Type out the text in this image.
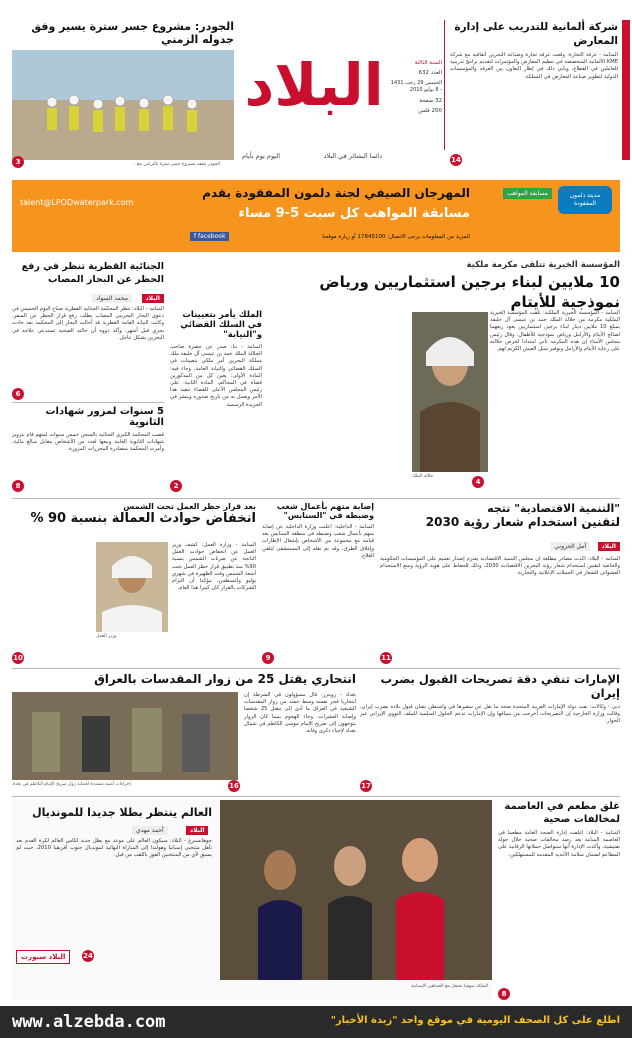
البلاد
دائما البشائر في البلاد
اليوم يوم بأيام
السنة الثالثة
العدد 632
الخميس 29 رجب 1431 - 8 يوليو 2010
32 صفحة
200 فلس
الجودر: مشروع جسر سترة يسير وفق جدوله الزمني
الجودر يتفقد مشروع جسر سترة بالتزامن مع...
3
شركة ألمانية للتدريب على إدارة المعارض
المنامة - غرفة التجارة: وقعت غرفة تجارة وصناعة البحرين اتفاقية مع شركة KME الألمانية المتخصصة في تنظيم المعارض والمؤتمرات لتقديم برامج تدريبية للعاملين في القطاع، ويأتي ذلك في إطار التعاون بين الغرفة والمؤسسات الدولية لتطوير صناعة المعارض في المملكة.
14
المهرجان الصيفي لجنة دلمون المفقودة يقدم
مسابقة المواهب كل سبت 5-9 مساء
مدينة دلمون المفقودة
مسابقة المواهب
talent@LPODwaterpark.com
f facebook	للمزيد من المعلومات يرجى الاتصال: 17845100 أو زيارة موقعنا
المؤسسة الخيرية تتلقى مكرمة ملكية
10 ملايين لبناء برجين استثماريين ورياض نموذجية للأيتام
المنامة - المؤسسة الخيرية الملكية: تلقت المؤسسة الخيرية الملكية مكرمة من جلالة الملك حمد بن عيسى آل خليفة بمبلغ 10 ملايين دينار لبناء برجين استثماريين يعود ريعهما لصالح الأيتام والأرامل ورياض نموذجية للأطفال. وقال رئيس مجلس الأمناء إن هذه المكرمة تأتي امتدادا لحرص جلالته على رعاية الأيتام والأرامل وتوفير سبل العيش الكريم لهم.
جلالة الملك
4
الملك يأمر بتعيينات
في السلك القضائي و"النيابة"
المنامة - بنا: صدر عن حضرة صاحب الجلالة الملك حمد بن عيسى آل خليفة ملك مملكة البحرين أمر ملكي بتعيينات في السلك القضائي والنيابة العامة، وجاء فيه: المادة الأولى: يعين كل من المذكورين قضاة في المحاكم، المادة الثانية: على رئيس المجلس الأعلى للقضاء تنفيذ هذا الأمر ويعمل به من تاريخ صدوره وينشر في الجريدة الرسمية.
2
الجنائية القطرية تنظر في رفع الحظر عن البحار المصاب
البلاد
محمد السواد
المنامة - البلاد: تنظر المحكمة الجنائية القطرية صباح اليوم الخميس في دعوى البحار البحريني المصاب بطلب رفع قرار الحظر عن السفر، وكانت النيابة العامة القطرية قد أحالت البحار إلى المحكمة بعد حادث بحري قبل أشهر، وأكد ذووه أن حالته الصحية تستدعي علاجه في البحرين بشكل عاجل.
6
5 سنوات لمزور شهادات الثانوية
قضت المحكمة الكبرى الجنائية بالسجن خمس سنوات لمتهم قام بتزوير شهادات الثانوية العامة وبيعها لعدد من الأشخاص مقابل مبالغ مالية، وأمرت المحكمة بمصادرة المحررات المزورة.
8
"التنمية الاقتصادية" تتجه
لتقنين استخدام شعار رؤية 2030
البلاد
أمل الحروني
المنامة - البلاد: أكدت مصادر مطلعة أن مجلس التنمية الاقتصادية يعتزم إصدار تعميم على المؤسسات الحكومية والخاصة لتقنين استخدام شعار رؤية البحرين الاقتصادية 2030، وذلك للحفاظ على هوية الرؤية ومنع الاستخدام العشوائي للشعار في الحملات الإعلانية والتجارية.
11
إصابة متهم بأعمال شغب
وضبطه في "السنابس"
المنامة - الداخلية: أعلنت وزارة الداخلية عن إصابة متهم بأعمال شغب وضبطه في منطقة السنابس بعد قيامه مع مجموعة من الأشخاص بإشعال الإطارات وإغلاق الطرق، وقد تم نقله إلى المستشفى لتلقي العلاج.
9
بعد قرار حظر العمل تحت الشمس
انخفاض حوادث العمالة بنسبة 90 %
وزير العمل
المنامة - وزارة العمل: كشف وزير العمل عن انخفاض حوادث العمل الناتجة عن ضربات الشمس بنسبة 90% منذ تطبيق قرار حظر العمل تحت أشعة الشمس وقت الظهيرة في شهري يوليو وأغسطس، مؤكدا أن التزام الشركات بالقرار كان كبيرا هذا العام.
10
الإمارات تنفي دقة تصريحات القبول بضرب إيران
دبي - وكالات: نفت دولة الإمارات العربية المتحدة صحة ما نقل عن سفيرها في واشنطن بشأن قبول بلاده بضرب إيران، وقالت وزارة الخارجية إن التصريحات أخرجت من سياقها وإن الإمارات تدعم الحلول السلمية للملف النووي الإيراني عبر الحوار.
17
انتحاري يقتل 25 من زوار المقدسات بالعراق
بغداد - رويترز: قال مسؤولون في الشرطة إن انتحاريا فجر نفسه وسط حشد من زوار المقدسات الشيعية في العراق ما أدى إلى مقتل 25 شخصا وإصابة العشرات، وجاء الهجوم بينما كان الزوار يتوجهون إلى ضريح الإمام موسى الكاظم في شمال بغداد لإحياء ذكرى وفاته.
إجراءات أمنية مشددة لحماية زوار ضريح الإمام الكاظم في بغداد	16
غلق مطعم في العاصمة لمخالفات صحية
المنامة - البلاد: أغلقت إدارة الصحة العامة مطعما في العاصمة المنامة بعد رصد مخالفات صحية خلال جولة تفتيشية، وأكدت الإدارة أنها ستواصل حملاتها الرقابية على المطاعم لضمان سلامة الأغذية المقدمة للمستهلكين.
8
الملكة صوفيا تحتفل مع الجماهير الإسبانية
العالم ينتظر بطلا جديدا للمونديال
البلاد
أحمد مهدي
جوهانسبرغ - البلاد: سيكون العالم على موعد مع بطل جديد لكأس العالم لكرة القدم بعد تأهل منتخبي إسبانيا وهولندا إلى المباراة النهائية لمونديال جنوب أفريقيا 2010، حيث لم يسبق لأي من المنتخبين الفوز باللقب من قبل.
البلاد سبورت	24
www.alzebda.com	اطلع على كل الصحف اليومية في موقع واحد "زبدة الأخبار"
